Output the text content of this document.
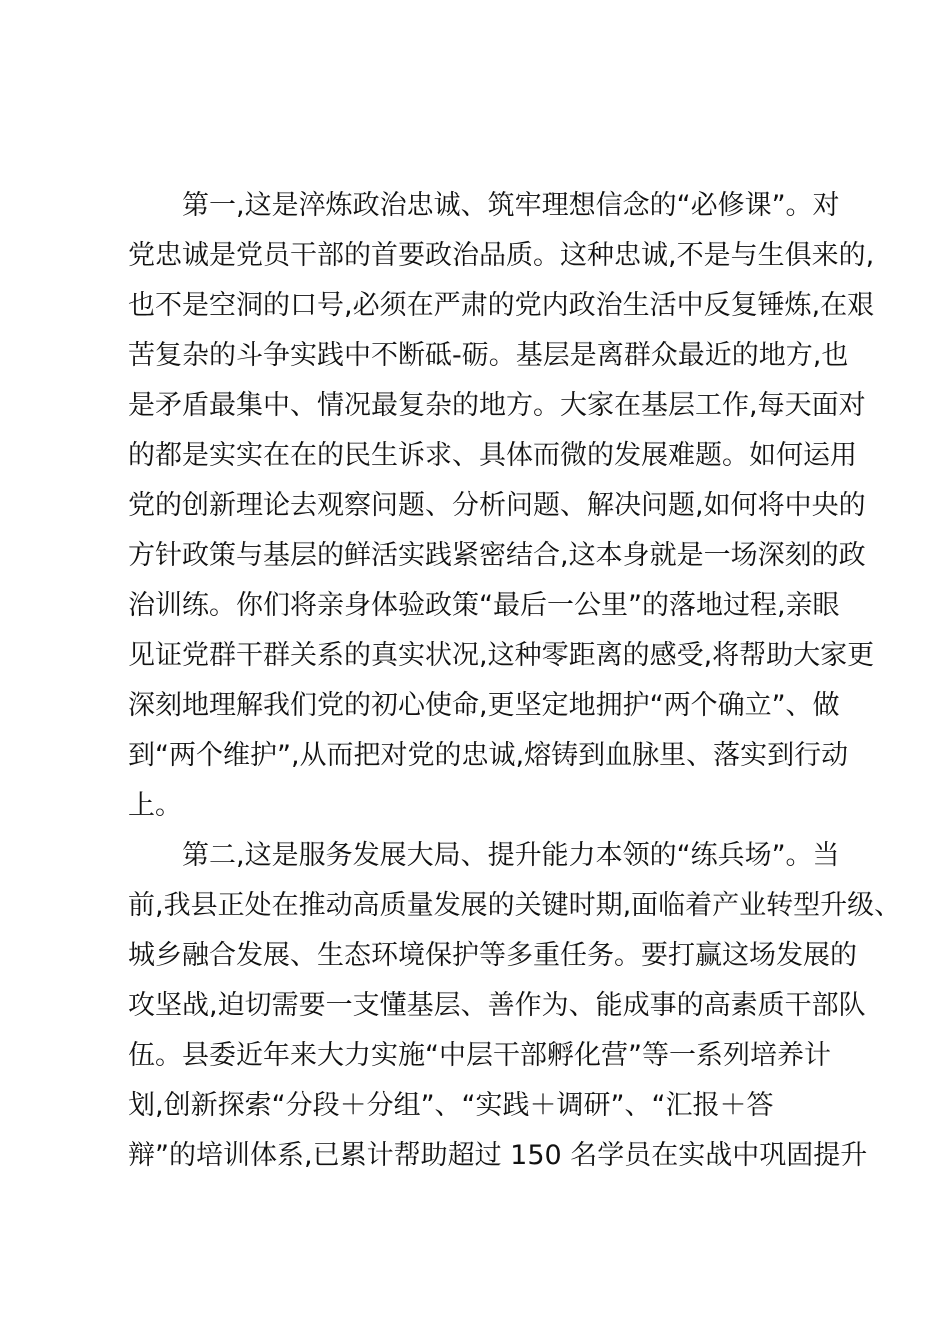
　　第一,这是淬炼政治忠诚、筑牢理想信念的“必修课”。对
党忠诚是党员干部的首要政治品质。这种忠诚,不是与生俱来的,
也不是空洞的口号,必须在严肃的党内政治生活中反复锤炼,在艰
苦复杂的斗争实践中不断砥-砺。基层是离群众最近的地方,也
是矛盾最集中、情况最复杂的地方。大家在基层工作,每天面对
的都是实实在在的民生诉求、具体而微的发展难题。如何运用
党的创新理论去观察问题、分析问题、解决问题,如何将中央的
方针政策与基层的鲜活实践紧密结合,这本身就是一场深刻的政
治训练。你们将亲身体验政策“最后一公里”的落地过程,亲眼
见证党群干群关系的真实状况,这种零距离的感受,将帮助大家更
深刻地理解我们党的初心使命,更坚定地拥护“两个确立”、做
到“两个维护”,从而把对党的忠诚,熔铸到血脉里、落实到行动
上。
　　第二,这是服务发展大局、提升能力本领的“练兵场”。当
前,我县正处在推动高质量发展的关键时期,面临着产业转型升级、
城乡融合发展、生态环境保护等多重任务。要打赢这场发展的
攻坚战,迫切需要一支懂基层、善作为、能成事的高素质干部队
伍。县委近年来大力实施“中层干部孵化营”等一系列培养计
划,创新探索“分段＋分组”、“实践＋调研”、“汇报＋答
辩”的培训体系,已累计帮助超过 150 名学员在实战中巩固提升
